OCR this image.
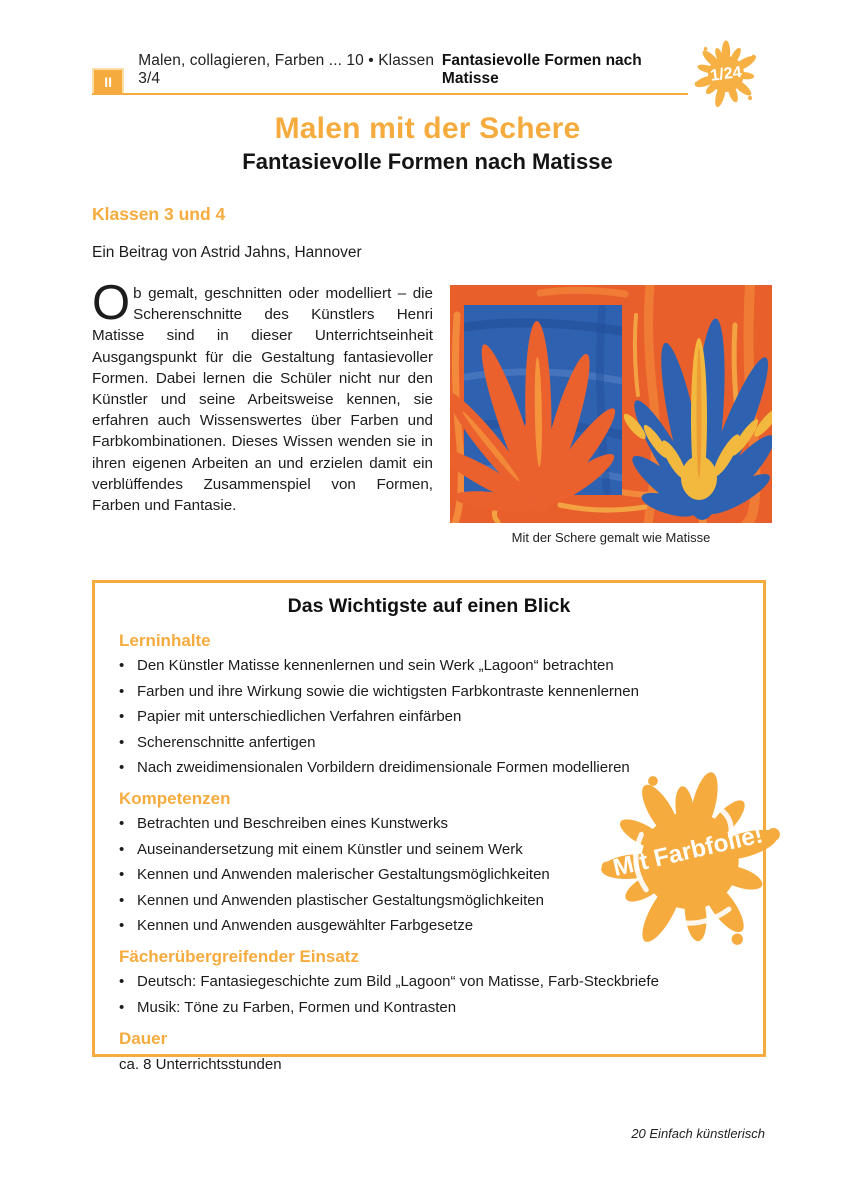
II
Malen, collagieren, Farben ... 10 • Klassen 3/4
Fantasievolle Formen nach Matisse	1/24
Malen mit der Schere
Fantasievolle Formen nach Matisse
Klassen 3 und 4
Ein Beitrag von Astrid Jahns, Hannover
Ob gemalt, geschnitten oder modelliert – die Scherenschnitte des Künstlers Henri Matisse sind in dieser Unterrichtseinheit Ausgangspunkt für die Gestaltung fantasievoller Formen. Dabei lernen die Schüler nicht nur den Künstler und seine Arbeitsweise kennen, sie erfahren auch Wissenswertes über Farben und Farbkombinationen. Dieses Wissen wenden sie in ihren eigenen Arbeiten an und erzielen damit ein verblüffendes Zusammenspiel von Formen, Farben und Fantasie.
Mit der Schere gemalt wie Matisse
Das Wichtigste auf einen Blick
Lerninhalte
• Den Künstler Matisse kennenlernen und sein Werk „Lagoon“ betrachten
• Farben und ihre Wirkung sowie die wichtigsten Farbkontraste kennenlernen
• Papier mit unterschiedlichen Verfahren einfärben
• Scherenschnitte anfertigen
• Nach zweidimensionalen Vorbildern dreidimensionale Formen modellieren
Kompetenzen
• Betrachten und Beschreiben eines Kunstwerks
• Auseinandersetzung mit einem Künstler und seinem Werk
• Kennen und Anwenden malerischer Gestaltungsmöglichkeiten
• Kennen und Anwenden plastischer Gestaltungsmöglichkeiten
• Kennen und Anwenden ausgewählter Farbgesetze
Fächerübergreifender Einsatz
• Deutsch: Fantasiegeschichte zum Bild „Lagoon“ von Matisse, Farb-Steckbriefe
• Musik: Töne zu Farben, Formen und Kontrasten
Dauer
ca. 8 Unterrichtsstunden
Mit Farbfolie!
20 Einfach künstlerisch
